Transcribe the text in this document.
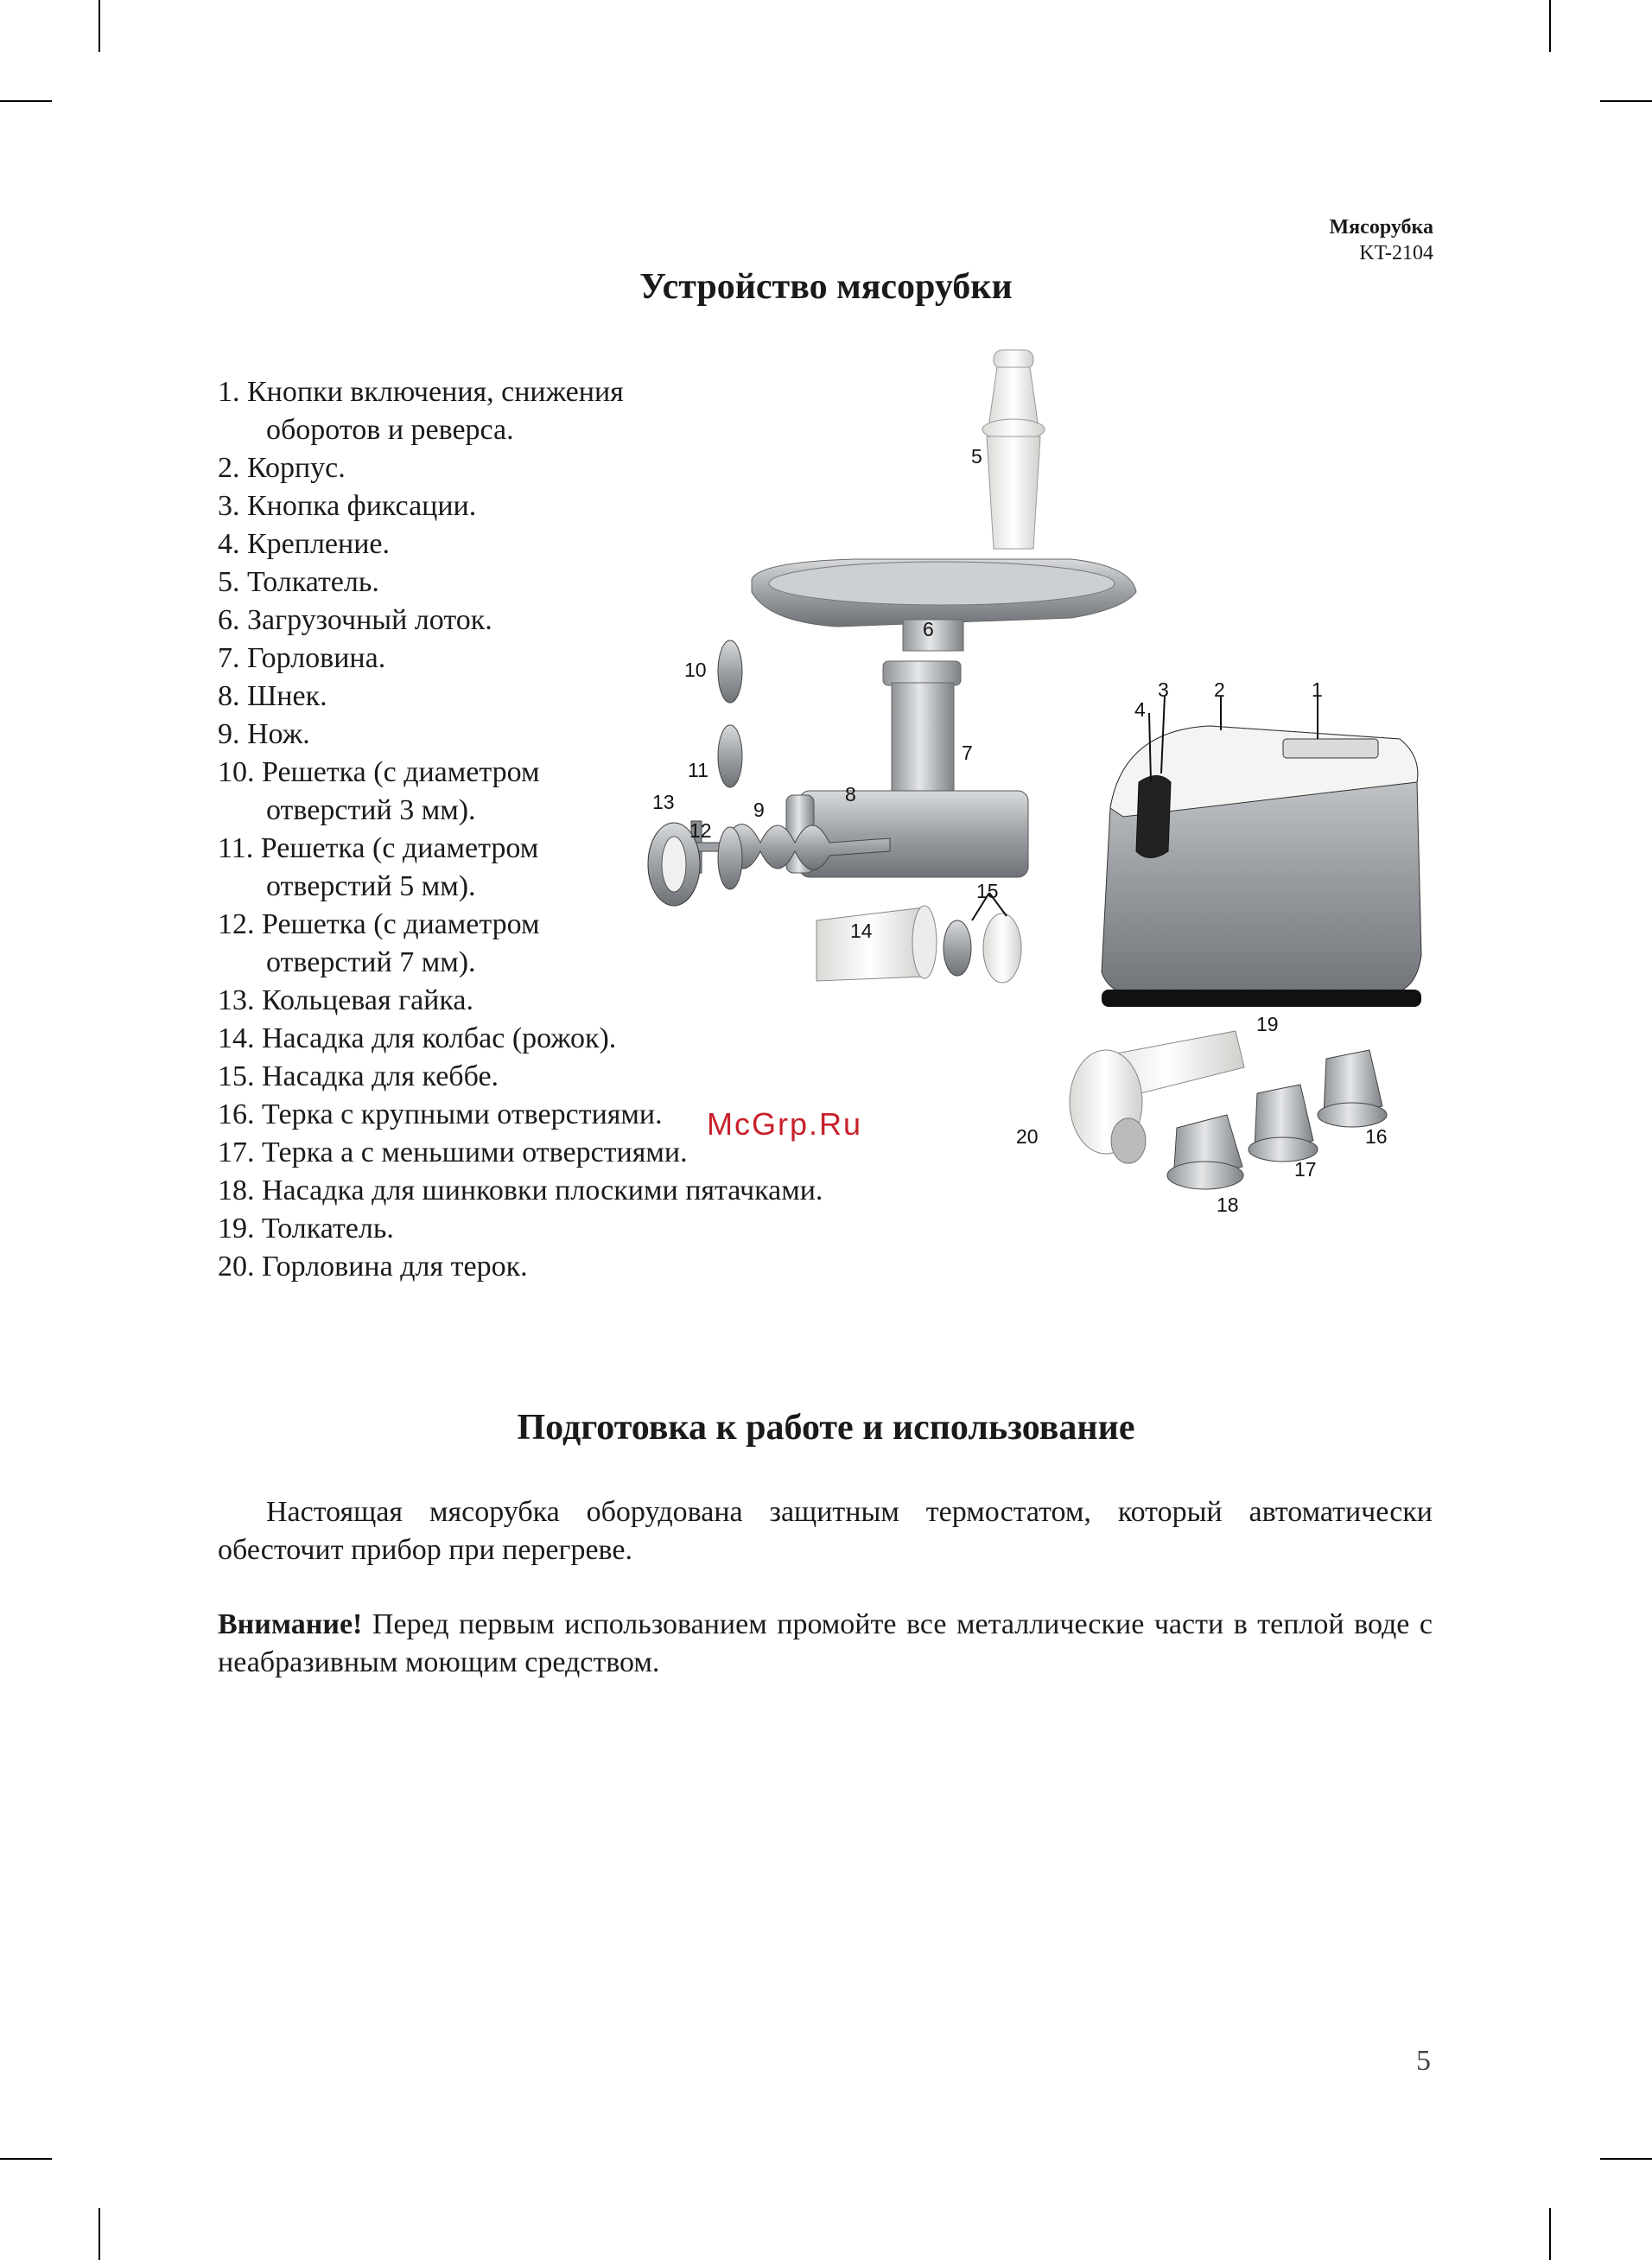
Мясорубка
KT-2104
Устройство мясорубки
1. Кнопки включения, снижения
оборотов и реверса.
2. Корпус.
3. Кнопка фиксации.
4. Крепление.
5. Толкатель.
6. Загрузочный лоток.
7. Горловина.
8. Шнек.
9. Нож.
10. Решетка (с диаметром
отверстий 3 мм).
11. Решетка (с диаметром
отверстий 5 мм).
12. Решетка (с диаметром
отверстий 7 мм).
13. Кольцевая гайка.
14. Насадка для колбас (рожок).
15. Насадка для кеббе.
16. Терка с крупными отверстиями.
17. Терка а с меньшими отверстиями.
18. Насадка для шинковки плоскими пятачками.
19. Толкатель.
20. Горловина для терок.
1
2
3
4
5
6
7
8
9
10
11
12
13
14
15
16
17
18
19
20
McGrp.Ru
Подготовка к работе и использование

Настоящая мясорубка оборудована защитным термостатом, который автоматически обесточит прибор при перегреве.

Внимание! Перед первым использованием промойте все металлические части в теплой воде с неабразивным моющим средством.

5
